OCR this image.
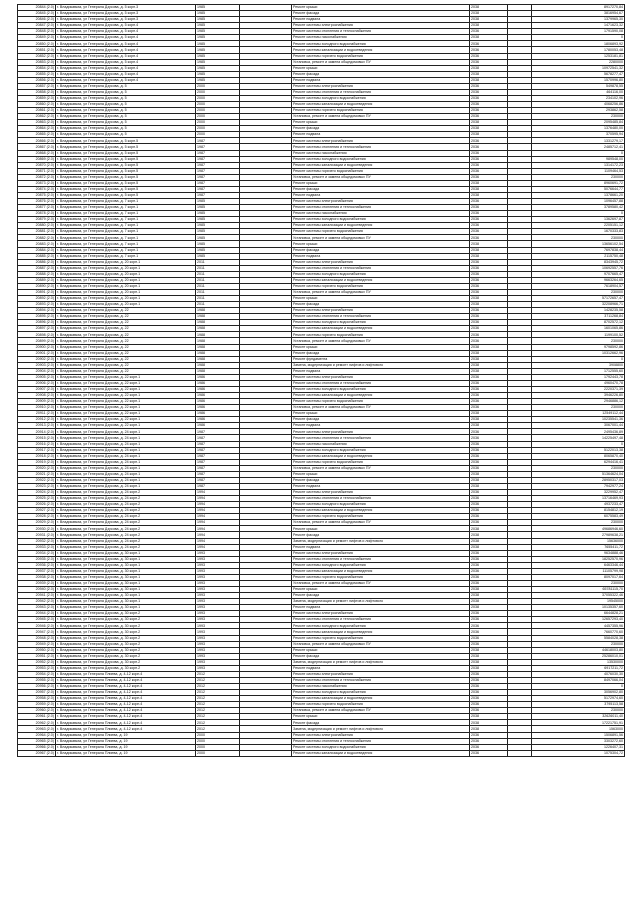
20844 (2.0)	г. Владикавказ, ул Генерала Дзусова, д. 5 корп.3	1985		Ремонт крыши	2038		8917270,84
20845 (2.0)	г. Владикавказ, ул Генерала Дзусова, д. 5 корп.3	1985		Ремонт фасада	2038		3816954,67
20846 (2.0)	г. Владикавказ, ул Генерала Дзусова, д. 5 корп.3	1985		Ремонт подвала	2038		1379965,30
20847 (2.0)	г. Владикавказ, ул Генерала Дзусова, д. 5 корп.4	1985		Ремонт системы электроснабжения	2038		1471623,32
20848 (2.0)	г. Владикавказ, ул Генерала Дзусова, д. 5 корп.4	1985		Ремонт системы отопления и теплоснабжения	2036		1791590,08
20849 (2.0)	г. Владикавказ, ул Генерала Дзусова, д. 5 корп.4	1985		Ремонт системы газоснабжения	2038		0
20850 (2.0)	г. Владикавказ, ул Генерала Дзусова, д. 5 корп.4	1985		Ремонт системы холодного водоснабжения	2036		1806893,92
20851 (2.0)	г. Владикавказ, ул Генерала Дзусова, д. 5 корп.4	1985		Ремонт системы канализации и водоотведения	2036		1780053,48
20852 (2.0)	г. Владикавказ, ул Генерала Дзусова, д. 5 корп.4	1985		Ремонт системы горячего водоснабжения	2036		1253181,81
20853 (2.0)	г. Владикавказ, ул Генерала Дзусова, д. 5 корп.4	1985		Установка, ремонт и замена общедомовых ПУ	2036		2280000
20854 (2.0)	г. Владикавказ, ул Генерала Дзусова, д. 5 корп.4	1985		Ремонт крыши	2038		10972541,32
20855 (2.0)	г. Владикавказ, ул Генерала Дзусова, д. 5 корп.4	1985		Ремонт фасада	2038		5678277,47
20856 (2.0)	г. Владикавказ, ул Генерала Дзусова, д. 5 корп.4	1985		Ремонт подвала	2038		1570996,80
20857 (2.0)	г. Владикавказ, ул Генерала Дзусова, д. 5	2000		Ремонт системы электроснабжения	2036		549878,55
20858 (2.0)	г. Владикавказ, ул Генерала Дзусова, д. 5	2000		Ремонт системы отопления и теплоснабжения	2036		464116,00
20859 (2.0)	г. Владикавказ, ул Генерала Дзусова, д. 5	2000		Ремонт системы холодного водоснабжения	2036		234102,96
20860 (2.0)	г. Владикавказ, ул Генерала Дзусова, д. 5	2000		Ремонт системы канализации и водоотведения	2036		4068256,86
20861 (2.0)	г. Владикавказ, ул Генерала Дзусова, д. 5	2000		Ремонт системы горячего водоснабжения	2036		293862,58
20862 (2.0)	г. Владикавказ, ул Генерала Дзусова, д. 5	2000		Установка, ремонт и замена общедомовых ПУ	2036		230000
20863 (2.0)	г. Владикавказ, ул Генерала Дзусова, д. 5	2000		Ремонт крыши	2038		2095485,84
20864 (2.0)	г. Владикавказ, ул Генерала Дзусова, д. 5	2000		Ремонт фасада	2038		1376480,00
20865 (2.0)	г. Владикавказ, ул Генерала Дзусова, д. 5	2000		Ремонт подвала	2038		370595,94
20866 (2.0)	г. Владикавказ, ул Генерала Дзусова, д. 5 корп.5	1987		Ремонт системы электроснабжения	2036		1331279,17
20867 (2.0)	г. Владикавказ, ул Генерала Дзусова, д. 5 корп.5	1987		Ремонт системы отопления и теплоснабжения	2036		2485712,41
20868 (2.0)	г. Владикавказ, ул Генерала Дзусова, д. 5 корп.5	1987		Ремонт системы газоснабжения	2036		0
20869 (2.0)	г. Владикавказ, ул Генерала Дзусова, д. 5 корп.5	1987		Ремонт системы холодного водоснабжения	2036		989548,00
20870 (2.0)	г. Владикавказ, ул Генерала Дзусова, д. 5 корп.5	1987		Ремонт системы канализации и водоотведения	2036		1314172,23
20871 (2.0)	г. Владикавказ, ул Генерала Дзусова, д. 5 корп.5	1987		Ремонт системы горячего водоснабжения	2036		1109464,53
20872 (2.0)	г. Владикавказ, ул Генерала Дзусова, д. 5 корп.5	1987		Установка, ремонт и замена общедомовых ПУ	2036		230000
20873 (2.0)	г. Владикавказ, ул Генерала Дзусова, д. 5 корп.5	1987		Ремонт крыши	2038		8960691,72
20874 (2.0)	г. Владикавказ, ул Генерала Дзусова, д. 5 корп.5	1987		Ремонт фасада	2038		5076644,77
20875 (2.0)	г. Владикавказ, ул Генерала Дзусова, д. 5 корп.5	1987		Ремонт подвала	2038		1378661,20
20876 (2.0)	г. Владикавказ, ул Генерала Дзусова, д. 7 корп.1	1985		Ремонт системы электроснабжения	2036		1096457,88
20877 (2.0)	г. Владикавказ, ул Генерала Дзусова, д. 7 корп.1	1985		Ремонт системы отопления и теплоснабжения	2036		3789580,42
20878 (2.0)	г. Владикавказ, ул Генерала Дзусова, д. 7 корп.1	1985		Ремонт системы газоснабжения	2036		0
20879 (2.0)	г. Владикавказ, ул Генерала Дзусова, д. 7 корп.1	1985		Ремонт системы холодного водоснабжения	2036		1362697,87
20880 (2.0)	г. Владикавказ, ул Генерала Дзусова, д. 7 корп.1	1985		Ремонт системы канализации и водоотведения	2036		2205151,12
20881 (2.0)	г. Владикавказ, ул Генерала Дзусова, д. 7 корп.1	1985		Ремонт системы горячего водоснабжения	2036		1670333,83
20882 (2.0)	г. Владикавказ, ул Генерала Дзусова, д. 7 корп.1	1985		Установка, ремонт и замена общедомовых ПУ	2036		230000
20883 (2.0)	г. Владикавказ, ул Генерала Дзусова, д. 7 корп.1	1985		Ремонт крыши	2038		13656102,54
20884 (2.0)	г. Владикавказ, ул Генерала Дзусова, д. 7 корп.1	1985		Ремонт фасада	2038		7697838,44
20885 (2.0)	г. Владикавказ, ул Генерала Дзусова, д. 7 корп.1	1985		Ремонт подвала	2038		2115750,48
20886 (2.0)	г. Владикавказ, ул Генерала Дзусова, д. 20 корп.1	2011		Ремонт системы электроснабжения	2036		8343945,72
20887 (2.0)	г. Владикавказ, ул Генерала Дзусова, д. 20 корп.1	2011		Ремонт системы отопления и теплоснабжения	2036		10692557,76
20888 (2.0)	г. Владикавказ, ул Генерала Дзусова, д. 20 корп.1	2011		Ремонт системы холодного водоснабжения	2036		9707665,47
20889 (2.0)	г. Владикавказ, ул Генерала Дзусова, д. 20 корп.1	2011		Ремонт системы канализации и водоотведения	2036		9663264,65
20890 (2.0)	г. Владикавказ, ул Генерала Дзусова, д. 20 корп.1	2011		Ремонт системы горячего водоснабжения	2036		7618904,57
20891 (2.0)	г. Владикавказ, ул Генерала Дзусова, д. 20 корп.1	2011		Установка, ремонт и замена общедомовых ПУ	2036		230000
20892 (2.0)	г. Владикавказ, ул Генерала Дзусова, д. 20 корп.1	2011		Ремонт крыши	2038		57172657,47
20893 (2.0)	г. Владикавказ, ул Генерала Дзусова, д. 20 корп.1	2011		Ремонт фасада	2038		32208966,71
20894 (2.0)	г. Владикавказ, ул Генерала Дзусова, д. 22	1988		Ремонт системы электроснабжения	2036		1428235,58
20895 (2.0)	г. Владикавказ, ул Генерала Дзусова, д. 22	1988		Ремонт системы отопления и теплоснабжения	2036		3711268,84
20896 (2.0)	г. Владикавказ, ул Генерала Дзусова, д. 22	1988		Ремонт системы холодного водоснабжения	2036		8702572,12
20897 (2.0)	г. Владикавказ, ул Генерала Дзусова, д. 22	1988		Ремонт системы канализации и водоотведения	2036		1601065,86
20898 (2.0)	г. Владикавказ, ул Генерала Дзусова, д. 22	1988		Ремонт системы горячего водоснабжения	2036		1199100,52
20899 (2.0)	г. Владикавказ, ул Генерала Дзусова, д. 22	1988		Установка, ремонт и замена общедомовых ПУ	2036		230000
20900 (2.0)	г. Владикавказ, ул Генерала Дзусова, д. 22	1988		Ремонт крыши	2038		9798592,86
20901 (2.0)	г. Владикавказ, ул Генерала Дзусова, д. 22	1988		Ремонт фасада	2038		10312662,96
20902 (2.0)	г. Владикавказ, ул Генерала Дзусова, д. 22	1988		Ремонт фундамента	2038		0
20903 (2.0)	г. Владикавказ, ул Генерала Дзусова, д. 22	1988		Замена, модернизация и ремонт лифтов и лифтового	2038		3908800
20904 (2.0)	г. Владикавказ, ул Генерала Дзусова, д. 22	1988		Ремонт подвала	2038		1712555,60
20905 (2.0)	г. Владикавказ, ул Генерала Дзусова, д. 22 корп.1	1986		Ремонт системы электроснабжения	2036		1792443,78
20906 (2.0)	г. Владикавказ, ул Генерала Дзусова, д. 22 корп.1	1986		Ремонт системы отопления и теплоснабжения	2036		4960470,78
20907 (2.0)	г. Владикавказ, ул Генерала Дзусова, д. 22 корп.1	1986		Ремонт системы холодного водоснабжения	2036		2220371,39
20908 (2.0)	г. Владикавказ, ул Генерала Дзусова, д. 22 корп.1	1986		Ремонт системы канализации и водоотведения	2036		3946226,80
20909 (2.0)	г. Владикавказ, ул Генерала Дзусова, д. 22 корп.1	1986		Ремонт системы горячего водоснабжения	2036		2946886,12
20910 (2.0)	г. Владикавказ, ул Генерала Дзусова, д. 22 корп.1	1986		Установка, ремонт и замена общедомовых ПУ	2036		230000
20911 (2.0)	г. Владикавказ, ул Генерала Дзусова, д. 22 корп.1	1986		Ремонт крыши	2038		12549112,44
20912 (2.0)	г. Владикавказ, ул Генерала Дзусова, д. 22 корп.1	1986		Ремонт фасада	2038		10235541,36
20913 (2.0)	г. Владикавказ, ул Генерала Дзусова, д. 22 корп.1	1986		Ремонт подвала	2038		3067001,44
20914 (2.0)	г. Владикавказ, ул Генерала Дзусова, д. 24 корп.1	1987		Ремонт системы электроснабжения	2036		2495436,89
20915 (2.0)	г. Владикавказ, ул Генерала Дзусова, д. 24 корп.1	1987		Ремонт системы отопления и теплоснабжения	2036		14225497,48
20916 (2.0)	г. Владикавказ, ул Генерала Дзусова, д. 24 корп.1	1987		Ремонт системы газоснабжения	2036		0
20917 (2.0)	г. Владикавказ, ул Генерала Дзусова, д. 24 корп.1	1987		Ремонт системы холодного водоснабжения	2036		5122013,38
20918 (2.0)	г. Владикавказ, ул Генерала Дзусова, д. 24 корп.1	1987		Ремонт системы канализации и водоотведения	2036		8065870,40
20919 (2.0)	г. Владикавказ, ул Генерала Дзусова, д. 24 корп.1	1987		Ремонт системы горячего водоснабжения	2036		6294416,41
20920 (2.0)	г. Владикавказ, ул Генерала Дзусова, д. 24 корп.1	1987		Установка, ремонт и замена общедомовых ПУ	2036		230000
20921 (2.0)	г. Владикавказ, ул Генерала Дзусова, д. 24 корп.1	1987		Ремонт крыши	2038		51364624,04
20922 (2.0)	г. Владикавказ, ул Генерала Дзусова, д. 24 корп.1	1987		Ремонт фасада	2038		28950317,03
20923 (2.0)	г. Владикавказ, ул Генерала Дзусова, д. 24 корп.1	1987		Ремонт подвала	2038		7942977,24
20924 (2.0)	г. Владикавказ, ул Генерала Дзусова, д. 24 корп.2	1994		Ремонт системы электроснабжения	2036		3229952,47
20925 (2.0)	г. Владикавказ, ул Генерала Дзусова, д. 24 корп.2	1994		Ремонт системы отопления и теплоснабжения	2036		13716469,93
20926 (2.0)	г. Владикавказ, ул Генерала Дзусова, д. 24 корп.2	1994		Ремонт системы холодного водоснабжения	2036		4937233,47
20927 (2.0)	г. Владикавказ, ул Генерала Дзусова, д. 24 корп.2	1994		Ремонт системы канализации и водоотведения	2036		8154812,19
20928 (2.0)	г. Владикавказ, ул Генерала Дзусова, д. 24 корп.2	1994		Ремонт системы горячего водоснабжения	2036		6075583,49
20929 (2.0)	г. Владикавказ, ул Генерала Дзусова, д. 24 корп.2	1994		Установка, ремонт и замена общедомовых ПУ	2036		230000
20930 (2.0)	г. Владикавказ, ул Генерала Дзусова, д. 24 корп.2	1994		Ремонт крыши	2038		49686946,60
20931 (2.0)	г. Владикавказ, ул Генерала Дзусова, д. 24 корп.2	1994		Ремонт фасада	2038		27989638,21
20932 (2.0)	г. Владикавказ, ул Генерала Дзусова, д. 24 корп.2	1994		Замена, модернизация и ремонт лифтов и лифтового	2038		15636000
20933 (2.0)	г. Владикавказ, ул Генерала Дзусова, д. 24 корп.2	1994		Ремонт подвала	2038		7655411,72
20934 (2.0)	г. Владикавказ, ул Генерала Дзусова, д. 30 корп.1	1993		Ремонт системы электроснабжения	2036		9634888,46
20935 (2.0)	г. Владикавказ, ул Генерала Дзусова, д. 30 корп.1	1993		Ремонт системы отопления и теплоснабжения	2036		18252570,96
20936 (2.0)	г. Владикавказ, ул Генерала Дзусова, д. 30 корп.1	1993		Ремонт системы холодного водоснабжения	2036		6463346,44
20937 (2.0)	г. Владикавказ, ул Генерала Дзусова, д. 30 корп.1	1993		Ремонт системы канализации и водоотведения	2036		11105799,98
20938 (2.0)	г. Владикавказ, ул Генерала Дзусова, д. 30 корп.1	1993		Ремонт системы горячего водоснабжения	2036		8097017,64
20939 (2.0)	г. Владикавказ, ул Генерала Дзусова, д. 30 корп.1	1993		Установка, ремонт и замена общедомовых ПУ	2036		230000
20940 (2.0)	г. Владикавказ, ул Генерала Дзусова, д. 30 корп.1	1993		Ремонт крыши	2038		65781115,70
20941 (2.0)	г. Владикавказ, ул Генерала Дзусова, д. 30 корп.1	1993		Ремонт фасада	2038		37055322,46
20942 (2.0)	г. Владикавказ, ул Генерала Дзусова, д. 30 корп.1	1993		Замена, модернизация и ремонт лифтов и лифтового	2038		19545000
20943 (2.0)	г. Владикавказ, ул Генерала Дзусова, д. 30 корп.1	1993		Ремонт подвала	2038		10135357,60
20944 (2.0)	г. Владикавказ, ул Генерала Дзусова, д. 30 корп.2	1993		Ремонт системы электроснабжения	2036		6644828,21
20945 (2.0)	г. Владикавказ, ул Генерала Дзусова, д. 30 корп.2	1993		Ремонт системы отопления и теплоснабжения	2036		12657293,40
20946 (2.0)	г. Владикавказ, ул Генерала Дзусова, д. 30 корп.2	1993		Ремонт системы холодного водоснабжения	2036		4457355,96
20947 (2.0)	г. Владикавказ, ул Генерала Дзусова, д. 30 корп.2	1993		Ремонт системы канализации и водоотведения	2036		7660770,60
20948 (2.0)	г. Владикавказ, ул Генерала Дзусова, д. 30 корп.2	1993		Ремонт системы горячего водоснабжения	2036		5584028,38
20949 (2.0)	г. Владикавказ, ул Генерала Дзусова, д. 30 корп.2	1993		Установка, ремонт и замена общедомовых ПУ	2036		230000
20950 (2.0)	г. Владикавказ, ул Генерала Дзусова, д. 30 корп.2	1993		Ремонт крыши	2038		44618003,80
20951 (2.0)	г. Владикавказ, ул Генерала Дзусова, д. 30 корп.2	1993		Ремонт фасада	2038		25286010,01
20952 (2.0)	г. Владикавказ, ул Генерала Дзусова, д. 30 корп.2	1993		Замена, модернизация и ремонт лифтов и лифтового	2038		13530000
20953 (2.0)	г. Владикавказ, ул Генерала Дзусова, д. 30 корп.2	1993		Ремонт подвала	2038		6917211,72
20954 (2.0)	г. Владикавказ, ул Генерала Плиева, д. 4-12 корп.4	2012		Ремонт системы электроснабжения	2036		4076030,30
20955 (2.0)	г. Владикавказ, ул Генерала Плиева, д. 4-12 корп.4	2012		Ремонт системы отопления и теплоснабжения	2036		8497066,04
20956 (2.0)	г. Владикавказ, ул Генерала Плиева, д. 4-12 корп.4	2012		Ремонт системы газоснабжения	2036		0
20957 (2.0)	г. Владикавказ, ул Генерала Плиева, д. 4-12 корп.4	2012		Ремонт системы холодного водоснабжения	2036		3056902,80
20958 (2.0)	г. Владикавказ, ул Генерала Плиева, д. 4-12 корп.4	2012		Ремонт системы канализации и водоотведения	2036		5172974,60
20959 (2.0)	г. Владикавказ, ул Генерала Плиева, д. 4-12 корп.4	2012		Ремонт системы горячего водоснабжения	2036		3795113,58
20960 (2.0)	г. Владикавказ, ул Генерала Плиева, д. 4-12 корп.4	2012		Установка, ремонт и замена общедомовых ПУ	2036		230000
20961 (2.0)	г. Владикавказ, ул Генерала Плиева, д. 4-12 корп.4	2012		Ремонт крыши	2038		32626011,40
20962 (2.0)	г. Владикавказ, ул Генерала Плиева, д. 4-12 корп.4	2012		Ремонт фасада	2038		17221751,91
20963 (2.0)	г. Владикавказ, ул Генерала Плиева, д. 4-12 корп.4	2012		Замена, модернизация и ремонт лифтов и лифтового	2038		1563000
20964 (2.0)	г. Владикавказ, ул Генерала Плиева, д. 19	2000		Ремонт системы электроснабжения	2036		1506891,56
20965 (2.0)	г. Владикавказ, ул Генерала Плиева, д. 19	2000		Ремонт системы отопления и теплоснабжения	2036		3303272,60
20966 (2.0)	г. Владикавказ, ул Генерала Плиева, д. 19	2000		Ремонт системы холодного водоснабжения	2036		1226407,31
20967 (2.0)	г. Владикавказ, ул Генерала Плиева, д. 19	2000		Ремонт системы канализации и водоотведения	2036		1075304,72
